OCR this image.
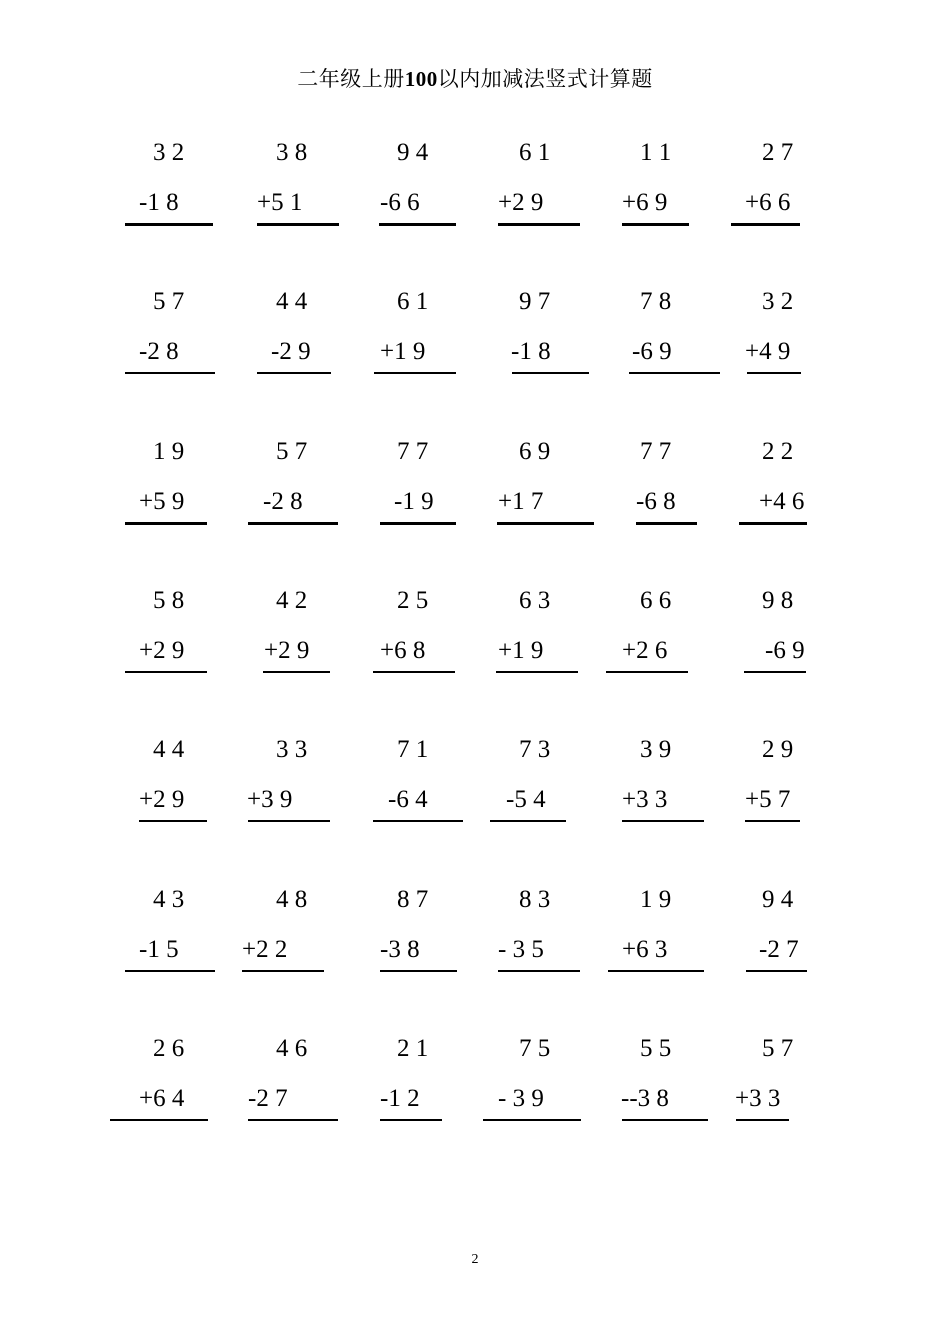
二年级上册100以内加减法竖式计算题
3 2
-1 8
3 8
+5 1
9 4
-6 6
6 1
+2 9
1 1
+6 9
2 7
+6 6
5 7
-2 8
4 4
-2 9
6 1
+1 9
9 7
-1 8
7 8
-6 9
3 2
+4 9
1 9
+5 9
5 7
-2 8
7 7
-1 9
6 9
+1 7
7 7
-6 8
2 2
+4 6
5 8
+2 9
4 2
+2 9
2 5
+6 8
6 3
+1 9
6 6
+2 6
9 8
-6 9
4 4
+2 9
3 3
+3 9
7 1
-6 4
7 3
-5 4
3 9
+3 3
2 9
+5 7
4 3
-1 5
4 8
+2 2
8 7
-3 8
8 3
- 3 5
1 9
+6 3
9 4
-2 7
2 6
+6 4
4 6
-2 7
2 1
-1 2
7 5
- 3 9
5 5
--3 8
5 7
+3 3
2
